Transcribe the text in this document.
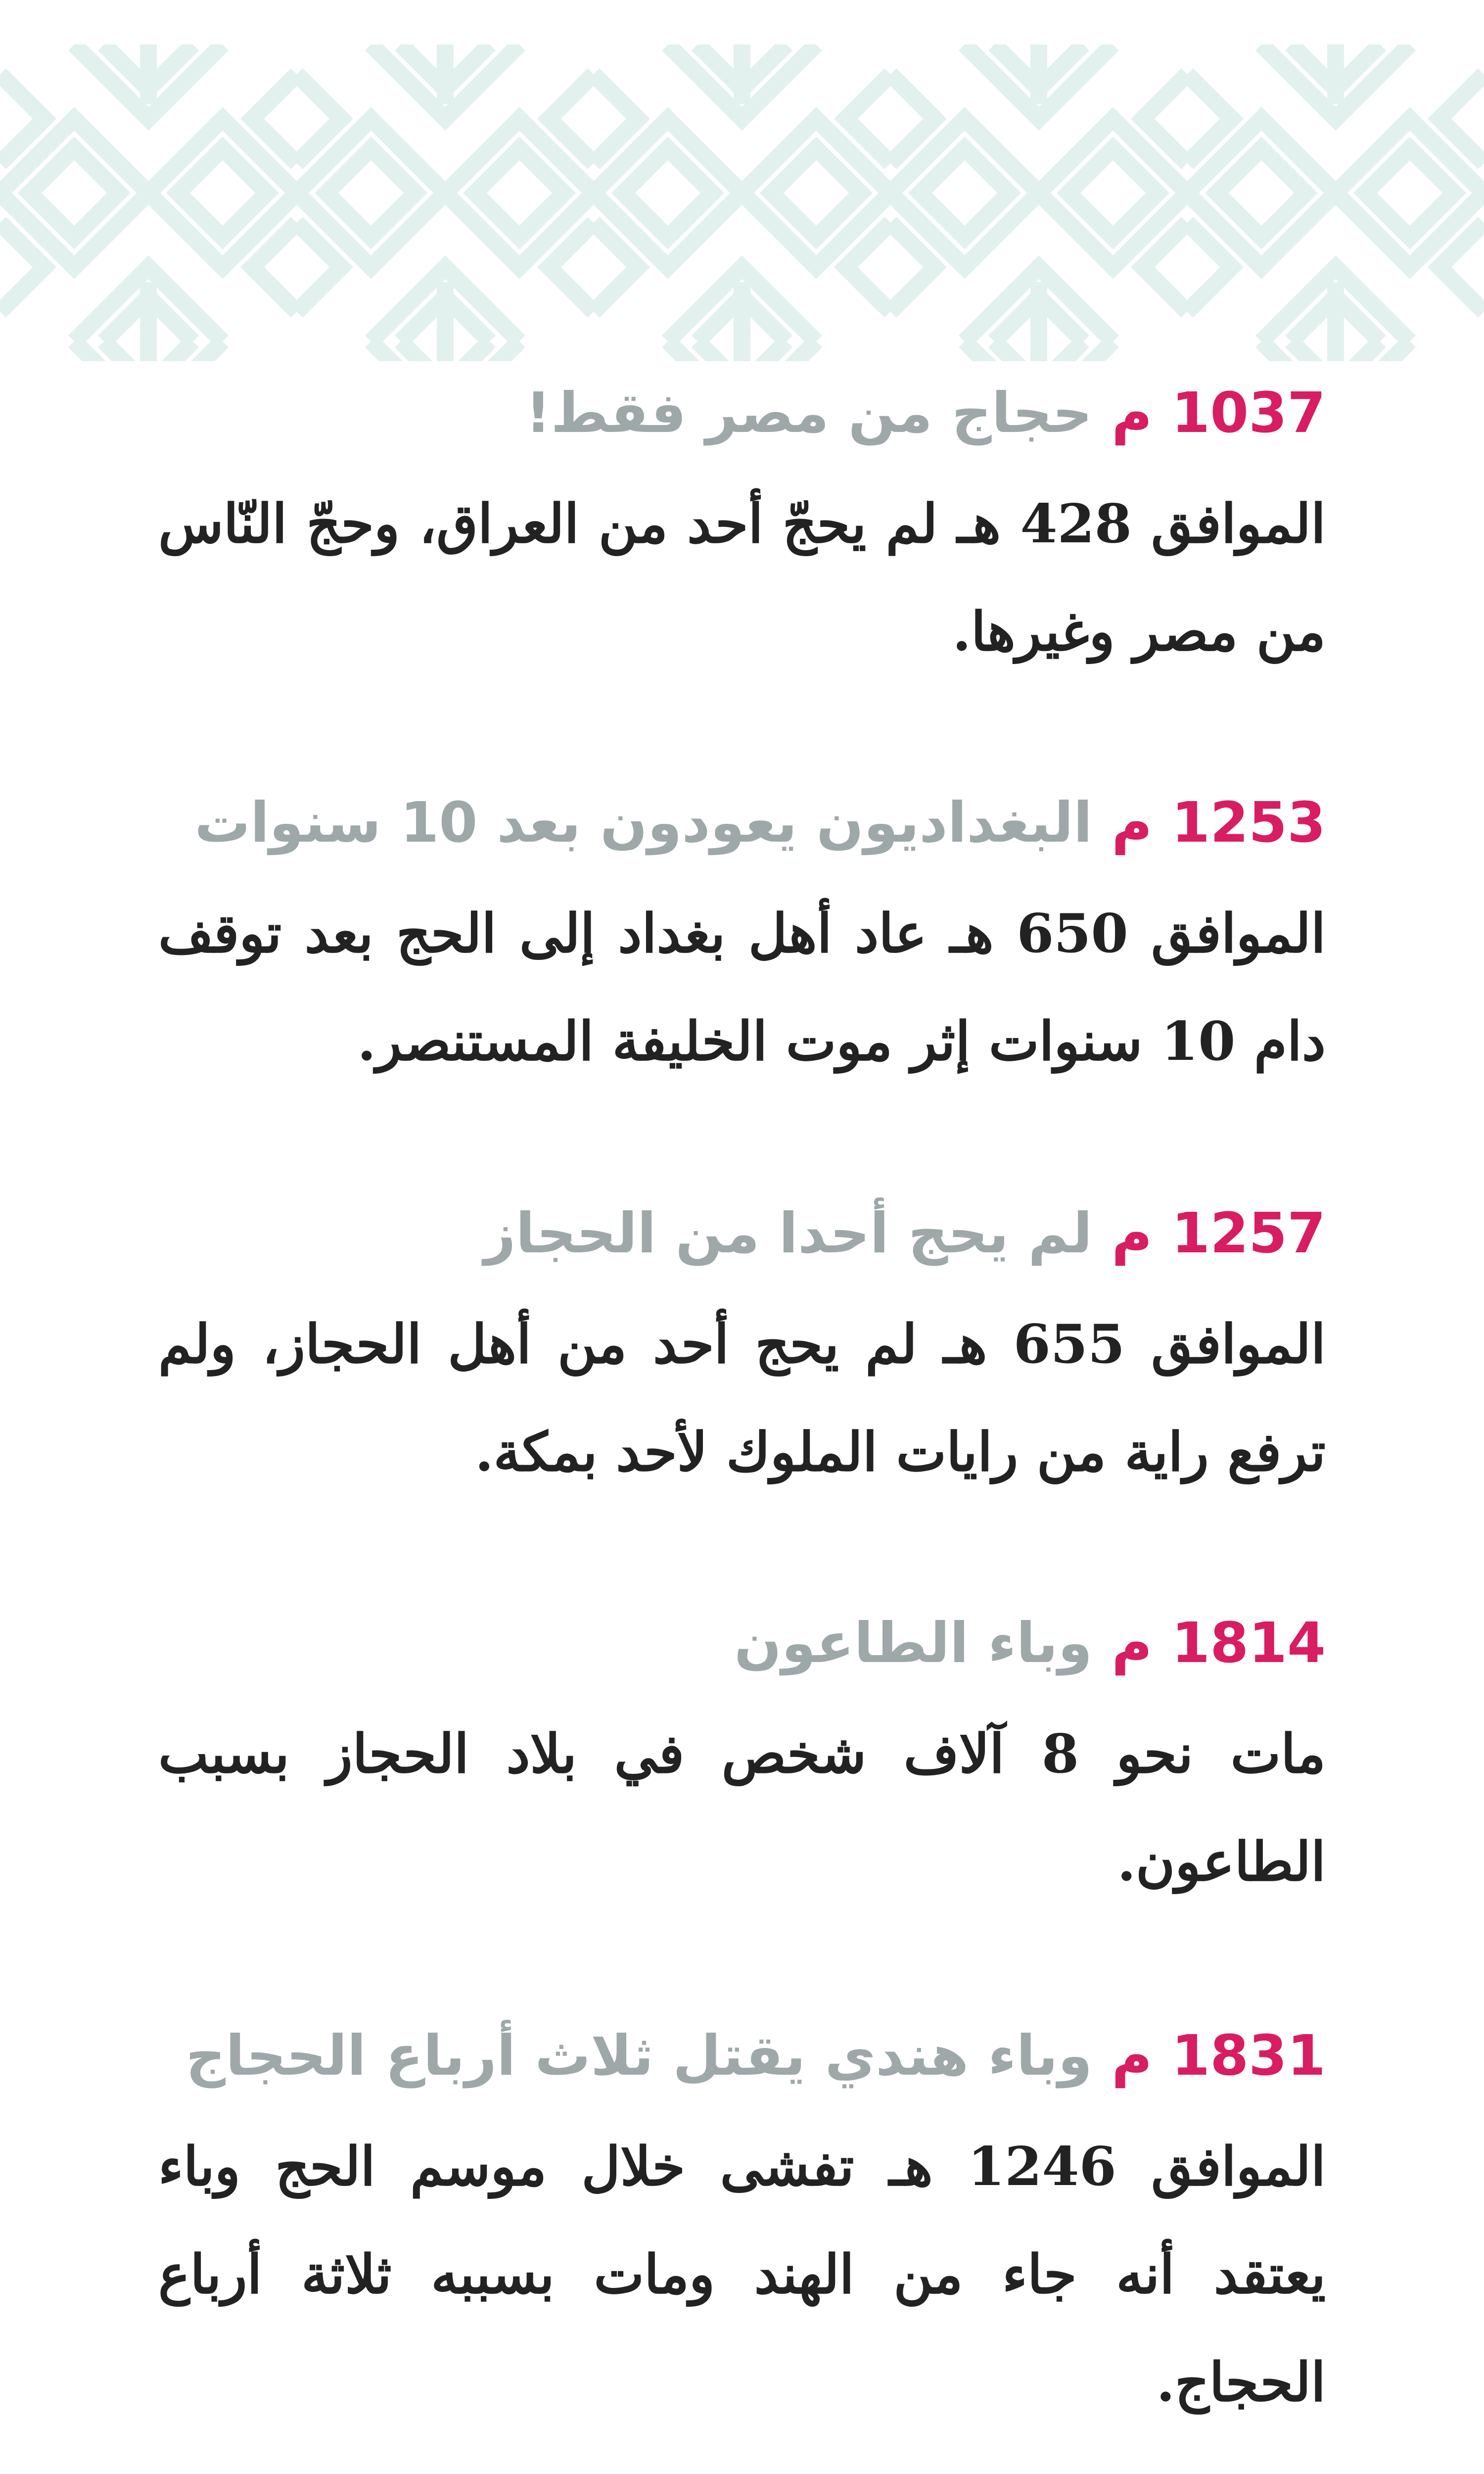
1037 م حجاج من مصر فقط!

الموافق 428 هـ لم يحجّ أحد من العراق، وحجّ النّاس من مصر وغيرها.

1253 م البغداديون يعودون بعد 10 سنوات

الموافق 650 هـ عاد أهل بغداد إلى الحج بعد توقف دام 10 سنوات إثر موت الخليفة المستنصر.

1257 م لم يحج أحدا من الحجاز

الموافق 655 هـ لم يحج أحد من أهل الحجاز، ولم ترفع راية من رايات الملوك لأحد بمكة.

1814 م وباء الطاعون

مات نحو 8 آلاف شخص في بلاد الحجاز بسبب الطاعون.

1831 م وباء هندي يقتل ثلاث أرباع الحجاج

الموافق 1246 هـ تفشى خلال موسم الحج وباء يعتقد أنه جاء من الهند ومات بسببه ثلاثة أرباع الحجاج.
